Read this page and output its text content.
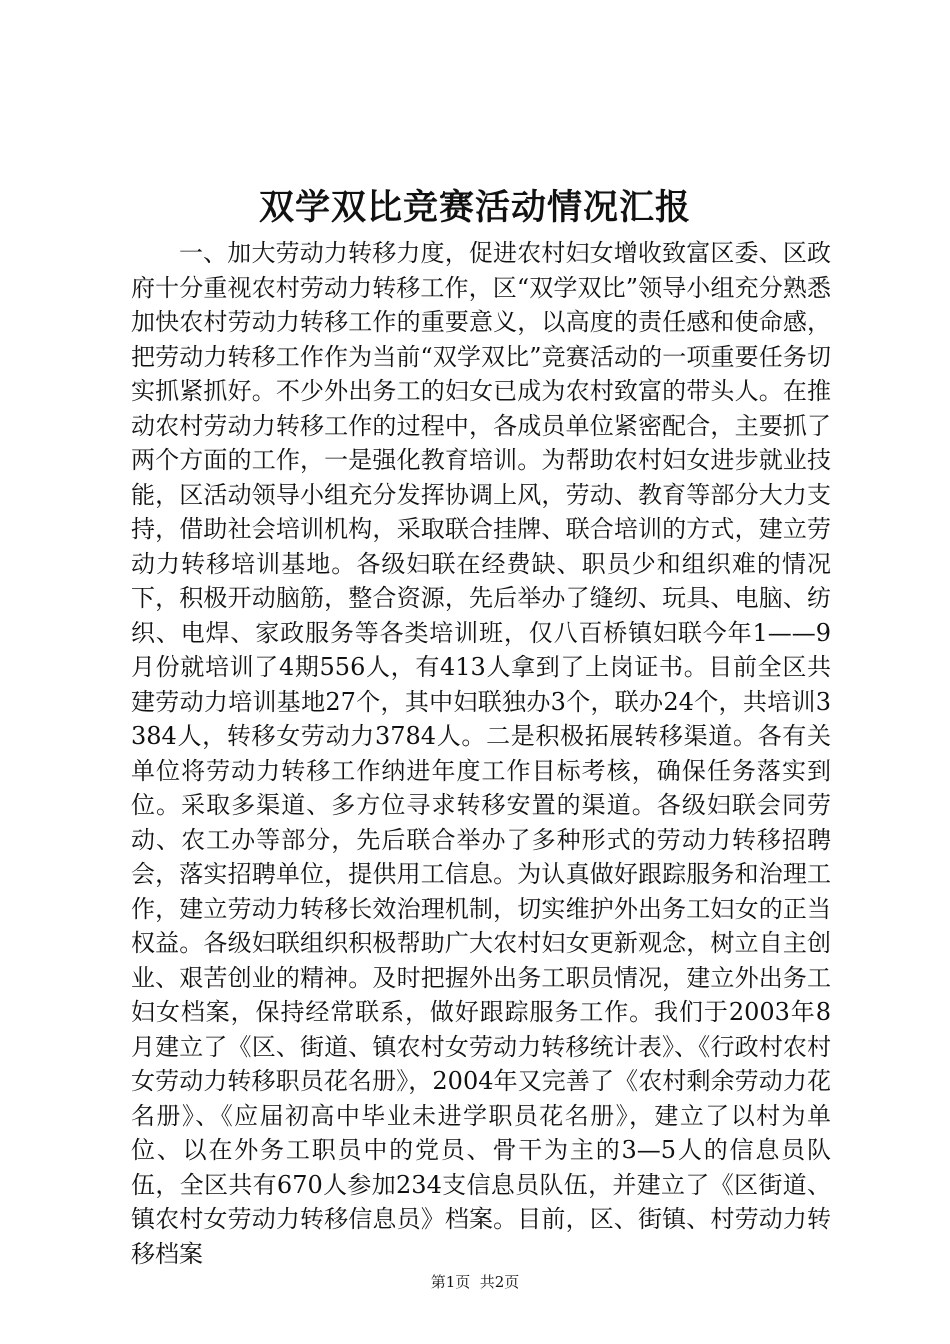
双学双比竞赛活动情况汇报

一、加大劳动力转移力度，促进农村妇女增收致富区委、区政府十分重视农村劳动力转移工作，区“双学双比”领导小组充分熟悉加快农村劳动力转移工作的重要意义，以高度的责任感和使命感，把劳动力转移工作作为当前“双学双比”竞赛活动的一项重要任务切实抓紧抓好。不少外出务工的妇女已成为农村致富的带头人。在推动农村劳动力转移工作的过程中，各成员单位紧密配合，主要抓了两个方面的工作，一是强化教育培训。为帮助农村妇女进步就业技能，区活动领导小组充分发挥协调上风，劳动、教育等部分大力支持，借助社会培训机构，采取联合挂牌、联合培训的方式，建立劳动力转移培训基地。各级妇联在经费缺、职员少和组织难的情况下，积极开动脑筋，整合资源，先后举办了缝纫、玩具、电脑、纺织、电焊、家政服务等各类培训班，仅八百桥镇妇联今年1——9月份就培训了4期556人，有413人拿到了上岗证书。目前全区共建劳动力培训基地27个，其中妇联独办3个，联办24个，共培训3384人，转移女劳动力3784人。二是积极拓展转移渠道。各有关单位将劳动力转移工作纳进年度工作目标考核，确保任务落实到位。采取多渠道、多方位寻求转移安置的渠道。各级妇联会同劳动、农工办等部分，先后联合举办了多种形式的劳动力转移招聘会，落实招聘单位，提供用工信息。为认真做好跟踪服务和治理工作，建立劳动力转移长效治理机制，切实维护外出务工妇女的正当权益。各级妇联组织积极帮助广大农村妇女更新观念，树立自主创业、艰苦创业的精神。及时把握外出务工职员情况，建立外出务工妇女档案，保持经常联系，做好跟踪服务工作。我们于2003年8月建立了《区、街道、镇农村女劳动力转移统计表》、《行政村农村女劳动力转移职员花名册》，2004年又完善了《农村剩余劳动力花名册》、《应届初高中毕业未进学职员花名册》，建立了以村为单位、以在外务工职员中的党员、骨干为主的3—5人的信息员队伍，全区共有670人参加234支信息员队伍，并建立了《区街道、镇农村女劳动力转移信息员》档案。目前，区、街镇、村劳动力转移档案

第1页  共2页
